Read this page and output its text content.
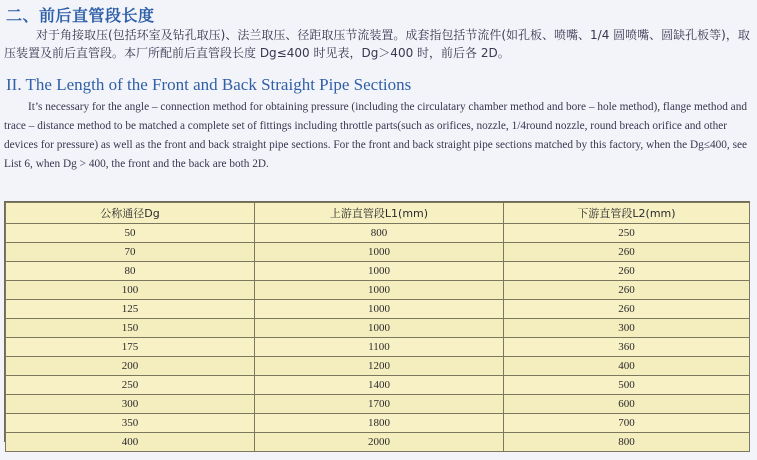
二、前后直管段长度
对于角接取压(包括环室及钻孔取压)、法兰取压、径距取压节流装置。成套指包括节流件(如孔板、喷嘴、1/4 圆喷嘴、圆缺孔板等)，取压装置及前后直管段。本厂所配前后直管段长度 Dg≤400 时见表，Dg＞400 时，前后各 2D。
II. The Length of the Front and Back Straight Pipe Sections
It’s necessary for the angle – connection method for obtaining pressure (including the circulatary chamber method and bore – hole method), flange method and trace – distance method to be matched a complete set of fittings including throttle parts(such as orifices, nozzle, 1/4round nozzle, round breach orifice and other devices for pressure) as well as the front and back straight pipe sections. For the front and back straight pipe sections matched by this factory, when the Dg≤400, see List 6, when Dg > 400, the front and the back are both 2D.
公称通径Dg	上游直管段L1(mm)	下游直管段L2(mm)
50	800	250
70	1000	260
80	1000	260
100	1000	260
125	1000	260
150	1000	300
175	1100	360
200	1200	400
250	1400	500
300	1700	600
350	1800	700
400	2000	800
